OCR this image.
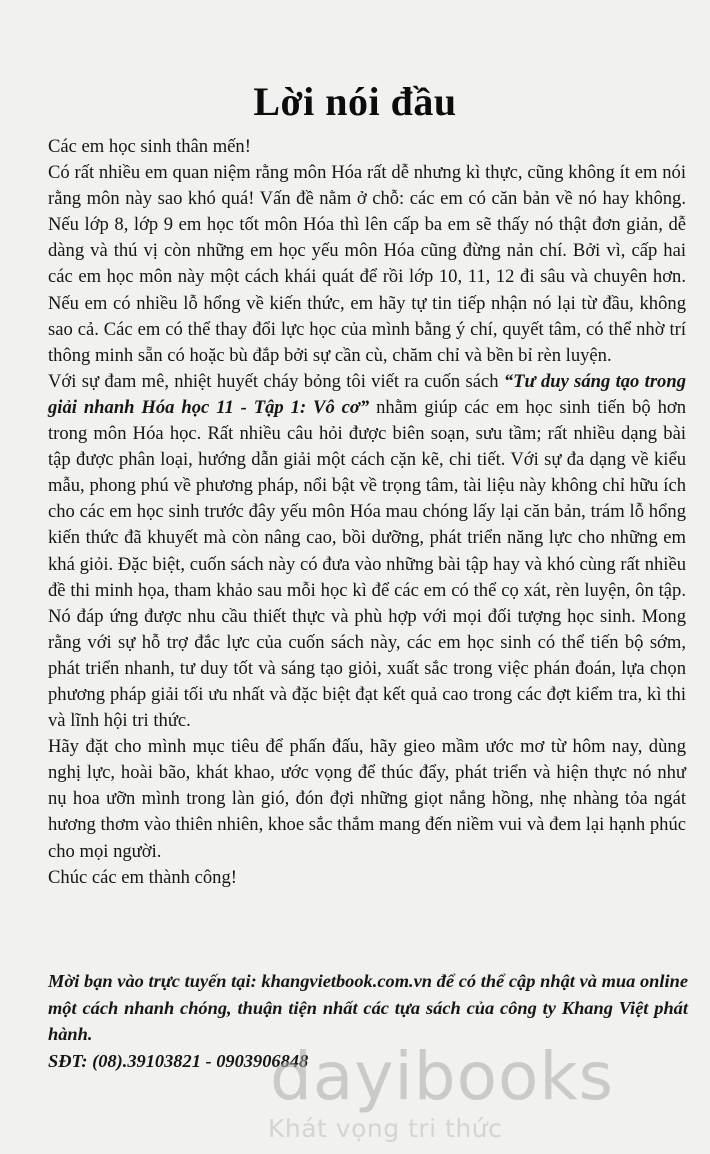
Lời nói đầu

Các em học sinh thân mến!

Có rất nhiều em quan niệm rằng môn Hóa rất dễ nhưng kì thực, cũng không ít em nói rằng môn này sao khó quá! Vấn đề nằm ở chỗ: các em có căn bản về nó hay không. Nếu lớp 8, lớp 9 em học tốt môn Hóa thì lên cấp ba em sẽ thấy nó thật đơn giản, dễ dàng và thú vị còn những em học yếu môn Hóa cũng đừng nản chí. Bởi vì, cấp hai các em học môn này một cách khái quát để rồi lớp 10, 11, 12 đi sâu và chuyên hơn. Nếu em có nhiều lỗ hổng về kiến thức, em hãy tự tin tiếp nhận nó lại từ đầu, không sao cả. Các em có thể thay đổi lực học của mình bằng ý chí, quyết tâm, có thể nhờ trí thông minh sẵn có hoặc bù đắp bởi sự cần cù, chăm chỉ và bền bỉ rèn luyện.

Với sự đam mê, nhiệt huyết cháy bỏng tôi viết ra cuốn sách “Tư duy sáng tạo trong giải nhanh Hóa học 11 - Tập 1: Vô cơ” nhằm giúp các em học sinh tiến bộ hơn trong môn Hóa học. Rất nhiều câu hỏi được biên soạn, sưu tầm; rất nhiều dạng bài tập được phân loại, hướng dẫn giải một cách cặn kẽ, chi tiết. Với sự đa dạng về kiểu mẫu, phong phú về phương pháp, nổi bật về trọng tâm, tài liệu này không chỉ hữu ích cho các em học sinh trước đây yếu môn Hóa mau chóng lấy lại căn bản, trám lỗ hổng kiến thức đã khuyết mà còn nâng cao, bồi dưỡng, phát triển năng lực cho những em khá giỏi. Đặc biệt, cuốn sách này có đưa vào những bài tập hay và khó cùng rất nhiều đề thi minh họa, tham khảo sau mỗi học kì để các em có thể cọ xát, rèn luyện, ôn tập. Nó đáp ứng được nhu cầu thiết thực và phù hợp với mọi đối tượng học sinh. Mong rằng với sự hỗ trợ đắc lực của cuốn sách này, các em học sinh có thể tiến bộ sớm, phát triển nhanh, tư duy tốt và sáng tạo giỏi, xuất sắc trong việc phán đoán, lựa chọn phương pháp giải tối ưu nhất và đặc biệt đạt kết quả cao trong các đợt kiểm tra, kì thi và lĩnh hội tri thức.

Hãy đặt cho mình mục tiêu để phấn đấu, hãy gieo mầm ước mơ từ hôm nay, dùng nghị lực, hoài bão, khát khao, ước vọng để thúc đẩy, phát triển và hiện thực nó như nụ hoa ưỡn mình trong làn gió, đón đợi những giọt nắng hồng, nhẹ nhàng tỏa ngát hương thơm vào thiên nhiên, khoe sắc thắm mang đến niềm vui và đem lại hạnh phúc cho mọi người.

Chúc các em thành công!

Mời bạn vào trực tuyến tại: khangvietbook.com.vn để có thể cập nhật và mua online một cách nhanh chóng, thuận tiện nhất các tựa sách của công ty Khang Việt phát hành.

SĐT: (08).39103821 - 0903906848

dayibooks
Khát vọng tri thức
